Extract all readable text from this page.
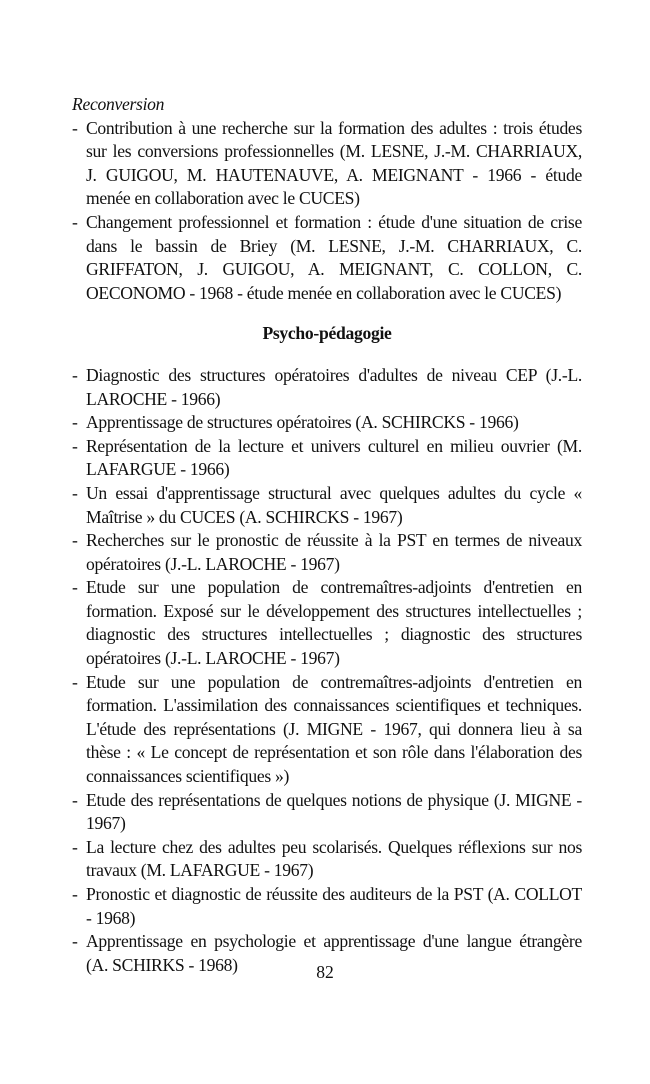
Reconversion

- Contribution à une recherche sur la formation des adultes : trois études sur les conversions professionnelles (M. LESNE, J.-M. CHARRIAUX, J. GUIGOU, M. HAUTENAUVE, A. MEIGNANT - 1966 - étude menée en collaboration avec le CUCES)
- Changement professionnel et formation : étude d'une situation de crise dans le bassin de Briey (M. LESNE, J.-M. CHARRIAUX, C. GRIFFATON, J. GUIGOU, A. MEIGNANT, C. COLLON, C. OECONOMO - 1968 - étude menée en collaboration avec le CUCES)

Psycho-pédagogie

- Diagnostic des structures opératoires d'adultes de niveau CEP (J.-L. LAROCHE - 1966)
- Apprentissage de structures opératoires (A. SCHIRCKS - 1966)
- Représentation de la lecture et univers culturel en milieu ouvrier (M. LAFARGUE - 1966)
- Un essai d'apprentissage structural avec quelques adultes du cycle « Maîtrise » du CUCES (A. SCHIRCKS - 1967)
- Recherches sur le pronostic de réussite à la PST en termes de niveaux opératoires (J.-L. LAROCHE - 1967)
- Etude sur une population de contremaîtres-adjoints d'entretien en formation. Exposé sur le développement des structures intellectuelles ; diagnostic des structures intellectuelles ; diagnostic des structures opératoires (J.-L. LAROCHE - 1967)
- Etude sur une population de contremaîtres-adjoints d'entretien en formation. L'assimilation des connaissances scientifiques et techniques. L'étude des représentations (J. MIGNE - 1967, qui donnera lieu à sa thèse : « Le concept de représentation et son rôle dans l'élaboration des connaissances scientifiques »)
- Etude des représentations de quelques notions de physique (J. MIGNE - 1967)
- La lecture chez des adultes peu scolarisés. Quelques réflexions sur nos travaux (M. LAFARGUE - 1967)
- Pronostic et diagnostic de réussite des auditeurs de la PST (A. COLLOT - 1968)
- Apprentissage en psychologie et apprentissage d'une langue étrangère (A. SCHIRKS - 1968)	82
